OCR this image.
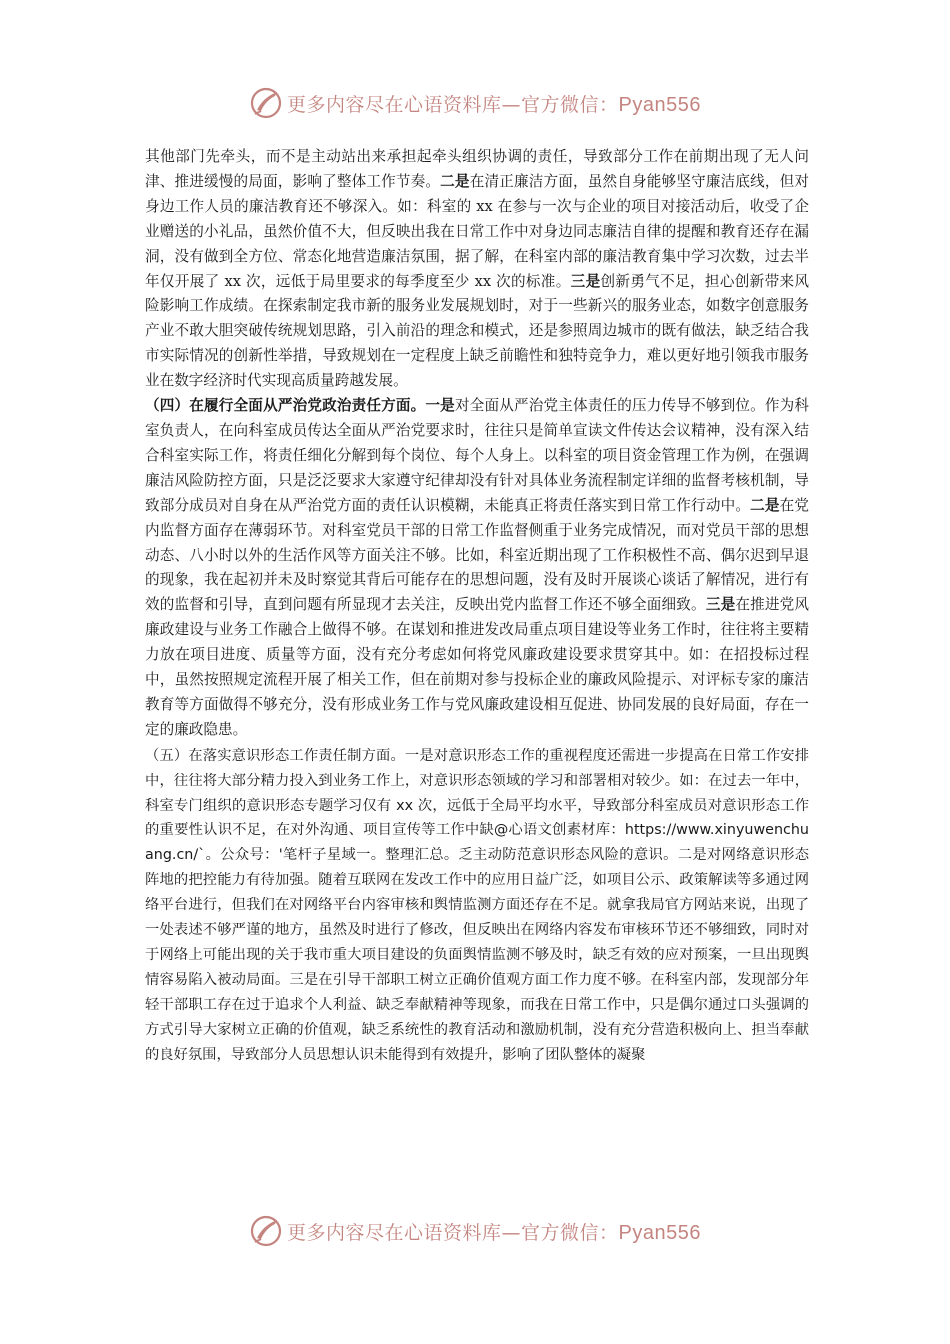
更多内容尽在心语资料库—官方微信：Pyan556

其他部门先牵头，而不是主动站出来承担起牵头组织协调的责任，导致部分工作在前期出现了无人问津、推进缓慢的局面，影响了整体工作节奏。二是在清正廉洁方面，虽然自身能够坚守廉洁底线，但对身边工作人员的廉洁教育还不够深入。如：科室的 xx 在参与一次与企业的项目对接活动后，收受了企业赠送的小礼品，虽然价值不大，但反映出我在日常工作中对身边同志廉洁自律的提醒和教育还存在漏洞，没有做到全方位、常态化地营造廉洁氛围，据了解，在科室内部的廉洁教育集中学习次数，过去半年仅开展了 xx 次，远低于局里要求的每季度至少 xx 次的标准。三是创新勇气不足，担心创新带来风险影响工作成绩。在探索制定我市新的服务业发展规划时，对于一些新兴的服务业态，如数字创意服务产业不敢大胆突破传统规划思路，引入前沿的理念和模式，还是参照周边城市的既有做法，缺乏结合我市实际情况的创新性举措，导致规划在一定程度上缺乏前瞻性和独特竞争力，难以更好地引领我市服务业在数字经济时代实现高质量跨越发展。

（四）在履行全面从严治党政治责任方面。一是对全面从严治党主体责任的压力传导不够到位。作为科室负责人，在向科室成员传达全面从严治党要求时，往往只是简单宣读文件传达会议精神，没有深入结合科室实际工作，将责任细化分解到每个岗位、每个人身上。以科室的项目资金管理工作为例，在强调廉洁风险防控方面，只是泛泛要求大家遵守纪律却没有针对具体业务流程制定详细的监督考核机制，导致部分成员对自身在从严治党方面的责任认识模糊，未能真正将责任落实到日常工作行动中。二是在党内监督方面存在薄弱环节。对科室党员干部的日常工作监督侧重于业务完成情况，而对党员干部的思想动态、八小时以外的生活作风等方面关注不够。比如，科室近期出现了工作积极性不高、偶尔迟到早退的现象，我在起初并未及时察觉其背后可能存在的思想问题，没有及时开展谈心谈话了解情况，进行有效的监督和引导，直到问题有所显现才去关注，反映出党内监督工作还不够全面细致。三是在推进党风廉政建设与业务工作融合上做得不够。在谋划和推进发改局重点项目建设等业务工作时，往往将主要精力放在项目进度、质量等方面，没有充分考虑如何将党风廉政建设要求贯穿其中。如：在招投标过程中，虽然按照规定流程开展了相关工作，但在前期对参与投标企业的廉政风险提示、对评标专家的廉洁教育等方面做得不够充分，没有形成业务工作与党风廉政建设相互促进、协同发展的良好局面，存在一定的廉政隐患。

（五）在落实意识形态工作责任制方面。一是对意识形态工作的重视程度还需进一步提高在日常工作安排中，往往将大部分精力投入到业务工作上，对意识形态领域的学习和部署相对较少。如：在过去一年中，科室专门组织的意识形态专题学习仅有 xx 次，远低于全局平均水平，导致部分科室成员对意识形态工作的重要性认识不足，在对外沟通、项目宣传等工作中缺@心语文创素材库：https://www.xinyuwenchuang.cn/`。公众号：'笔杆子星域一。整理汇总。乏主动防范意识形态风险的意识。二是对网络意识形态阵地的把控能力有待加强。随着互联网在发改工作中的应用日益广泛，如项目公示、政策解读等多通过网络平台进行，但我们在对网络平台内容审核和舆情监测方面还存在不足。就拿我局官方网站来说，出现了一处表述不够严谨的地方，虽然及时进行了修改，但反映出在网络内容发布审核环节还不够细致，同时对于网络上可能出现的关于我市重大项目建设的负面舆情监测不够及时，缺乏有效的应对预案，一旦出现舆情容易陷入被动局面。三是在引导干部职工树立正确价值观方面工作力度不够。在科室内部，发现部分年轻干部职工存在过于追求个人利益、缺乏奉献精神等现象，而我在日常工作中，只是偶尔通过口头强调的方式引导大家树立正确的价值观，缺乏系统性的教育活动和激励机制，没有充分营造积极向上、担当奉献的良好氛围，导致部分人员思想认识未能得到有效提升，影响了团队整体的凝聚

更多内容尽在心语资料库—官方微信：Pyan556
